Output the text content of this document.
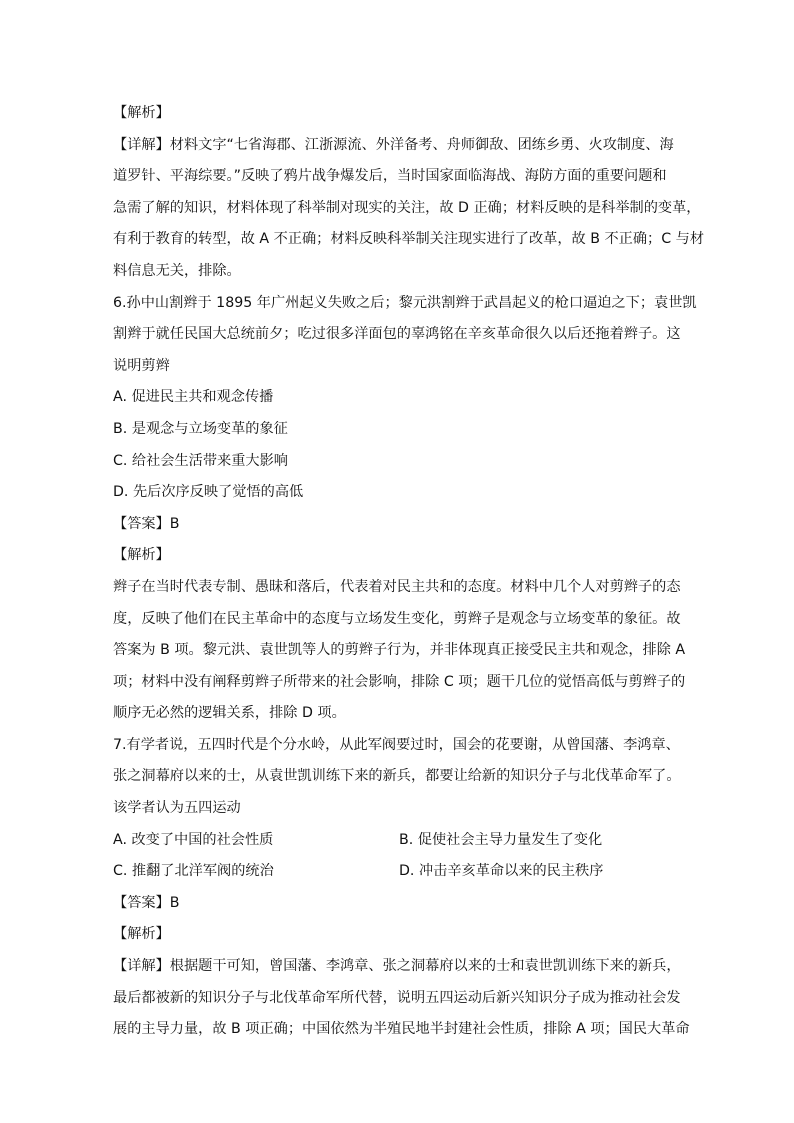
【解析】
【详解】材料文字“七省海郡、江浙源流、外洋备考、舟师御敌、团练乡勇、火攻制度、海
道罗针、平海综要。”反映了鸦片战争爆发后，当时国家面临海战、海防方面的重要问题和
急需了解的知识，材料体现了科举制对现实的关注，故 D 正确；材料反映的是科举制的变革，
有利于教育的转型，故 A 不正确；材料反映科举制关注现实进行了改革，故 B 不正确；C 与材
料信息无关，排除。
6.孙中山割辫于 1895 年广州起义失败之后；黎元洪割辫于武昌起义的枪口逼迫之下；袁世凯
割辫于就任民国大总统前夕；吃过很多洋面包的辜鸿铭在辛亥革命很久以后还拖着辫子。这
说明剪辫
A. 促进民主共和观念传播
B. 是观念与立场变革的象征
C. 给社会生活带来重大影响
D. 先后次序反映了觉悟的高低
【答案】B
【解析】
辫子在当时代表专制、愚昧和落后，代表着对民主共和的态度。材料中几个人对剪辫子的态
度，反映了他们在民主革命中的态度与立场发生变化，剪辫子是观念与立场变革的象征。故
答案为 B 项。黎元洪、袁世凯等人的剪辫子行为，并非体现真正接受民主共和观念，排除 A
项；材料中没有阐释剪辫子所带来的社会影响，排除 C 项；题干几位的觉悟高低与剪辫子的
顺序无必然的逻辑关系，排除 D 项。
7.有学者说，五四时代是个分水岭，从此军阀要过时，国会的花要谢，从曾国藩、李鸿章、
张之洞幕府以来的士，从袁世凯训练下来的新兵，都要让给新的知识分子与北伐革命军了。
该学者认为五四运动
A. 改变了中国的社会性质	B. 促使社会主导力量发生了变化
C. 推翻了北洋军阀的统治	D. 冲击辛亥革命以来的民主秩序
【答案】B
【解析】
【详解】根据题干可知，曾国藩、李鸿章、张之洞幕府以来的士和袁世凯训练下来的新兵，
最后都被新的知识分子与北伐革命军所代替，说明五四运动后新兴知识分子成为推动社会发
展的主导力量，故 B 项正确；中国依然为半殖民地半封建社会性质，排除 A 项；国民大革命
